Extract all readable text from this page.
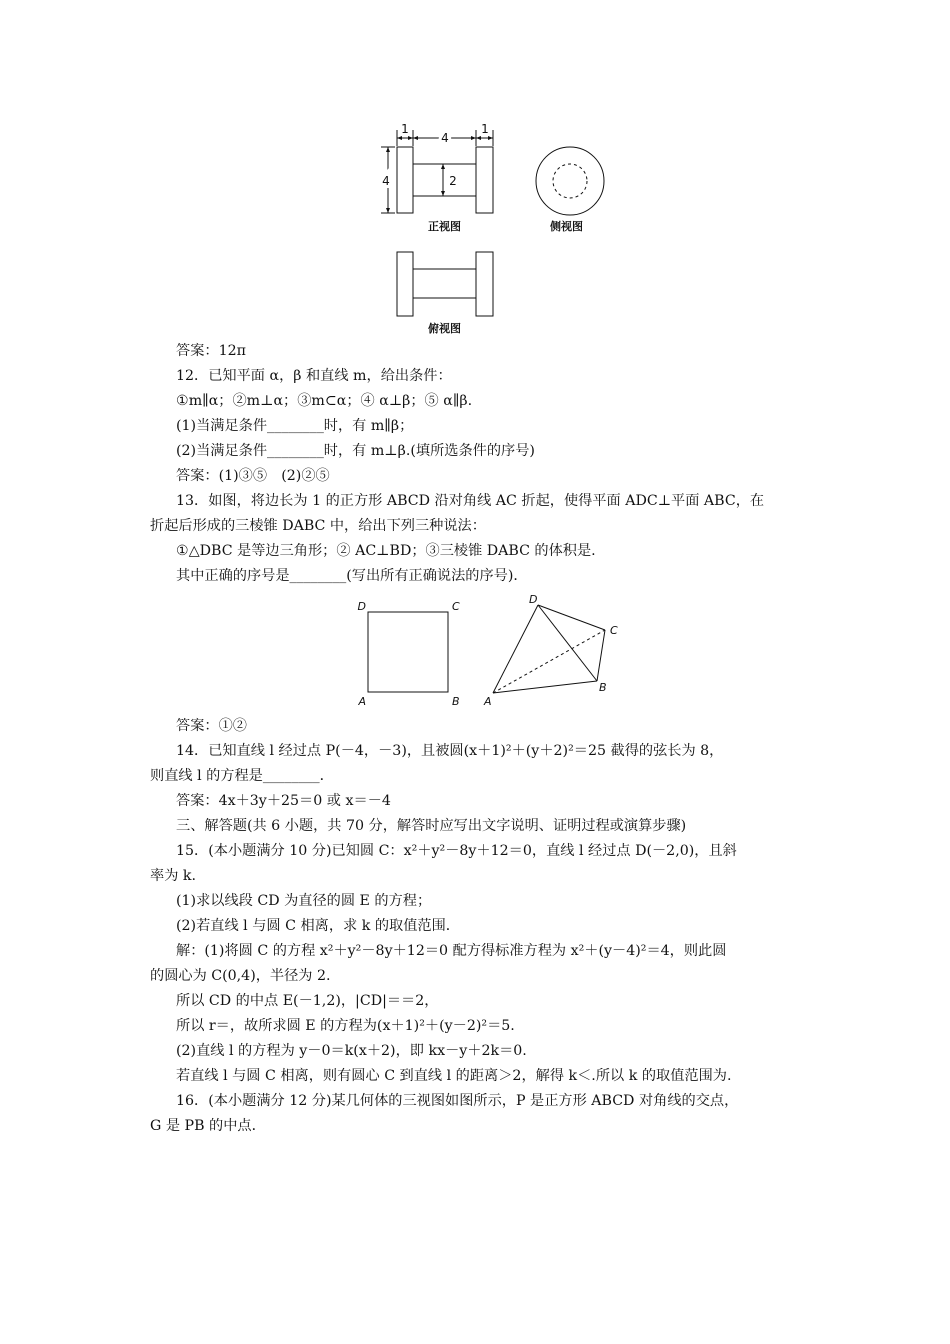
1
4
1
4	2
正视图	侧视图
俯视图
答案：12π
12．已知平面 α，β 和直线 m，给出条件：
①m∥α；②m⊥α；③m⊂α；④ α⊥β；⑤ α∥β.
(1)当满足条件________时，有 m∥β；
(2)当满足条件________时，有 m⊥β.(填所选条件的序号)
答案：(1)③⑤　(2)②⑤
13．如图，将边长为 1 的正方形 ABCD 沿对角线 AC 折起，使得平面 ADC⊥平面 ABC，在
折起后形成的三棱锥 DABC 中，给出下列三种说法：
①△DBC 是等边三角形；② AC⊥BD；③三棱锥 DABC 的体积是.
其中正确的序号是________(写出所有正确说法的序号)．
D	C
A	B
D
C
A
B
答案：①②
14．已知直线 l 经过点 P(－4，－3)，且被圆(x＋1)²＋(y＋2)²＝25 截得的弦长为 8，
则直线 l 的方程是________．
答案：4x＋3y＋25＝0 或 x＝－4
三、解答题(共 6 小题，共 70 分，解答时应写出文字说明、证明过程或演算步骤)
15．(本小题满分 10 分)已知圆 C：x²＋y²－8y＋12＝0，直线 l 经过点 D(－2,0)，且斜
率为 k.
(1)求以线段 CD 为直径的圆 E 的方程；
(2)若直线 l 与圆 C 相离，求 k 的取值范围．
解：(1)将圆 C 的方程 x²＋y²－8y＋12＝0 配方得标准方程为 x²＋(y－4)²＝4，则此圆
的圆心为 C(0,4)，半径为 2.
所以 CD 的中点 E(－1,2)，|CD|＝＝2，
所以 r＝，故所求圆 E 的方程为(x＋1)²＋(y－2)²＝5.
(2)直线 l 的方程为 y－0＝k(x＋2)，即 kx－y＋2k＝0.
若直线 l 与圆 C 相离，则有圆心 C 到直线 l 的距离＞2，解得 k＜.所以 k 的取值范围为.
16．(本小题满分 12 分)某几何体的三视图如图所示，P 是正方形 ABCD 对角线的交点，
G 是 PB 的中点．
